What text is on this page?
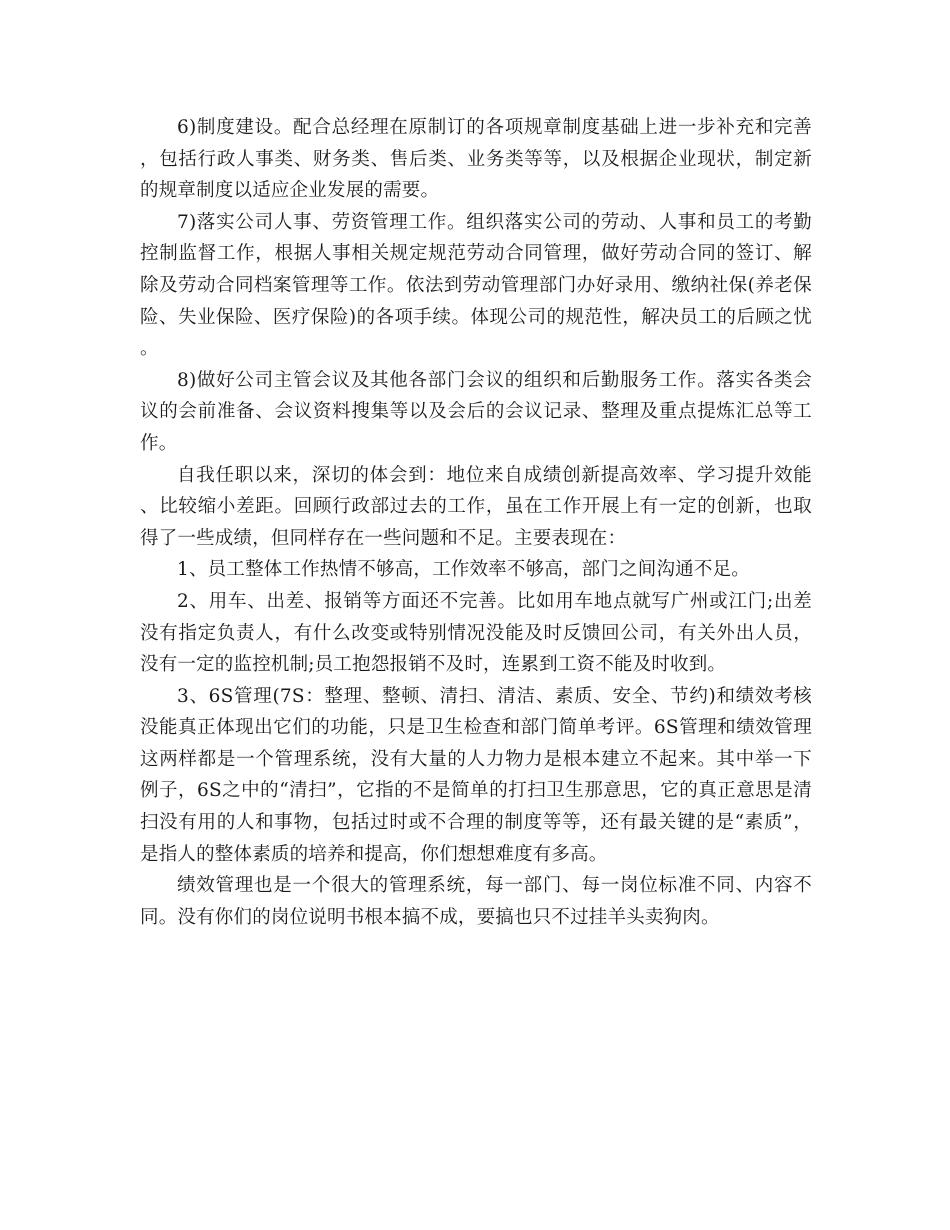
6)制度建设。配合总经理在原制订的各项规章制度基础上进一步补充和完善，包括行政人事类、财务类、售后类、业务类等等，以及根据企业现状，制定新的规章制度以适应企业发展的需要。

7)落实公司人事、劳资管理工作。组织落实公司的劳动、人事和员工的考勤控制监督工作，根据人事相关规定规范劳动合同管理，做好劳动合同的签订、解除及劳动合同档案管理等工作。依法到劳动管理部门办好录用、缴纳社保(养老保险、失业保险、医疗保险)的各项手续。体现公司的规范性，解决员工的后顾之忧。

8)做好公司主管会议及其他各部门会议的组织和后勤服务工作。落实各类会议的会前准备、会议资料搜集等以及会后的会议记录、整理及重点提炼汇总等工作。

自我任职以来，深切的体会到：地位来自成绩创新提高效率、学习提升效能、比较缩小差距。回顾行政部过去的工作，虽在工作开展上有一定的创新，也取得了一些成绩，但同样存在一些问题和不足。主要表现在：

1、员工整体工作热情不够高，工作效率不够高，部门之间沟通不足。

2、用车、出差、报销等方面还不完善。比如用车地点就写广州或江门;出差没有指定负责人，有什么改变或特别情况没能及时反馈回公司，有关外出人员，没有一定的监控机制;员工抱怨报销不及时，连累到工资不能及时收到。

3、6S管理(7S：整理、整顿、清扫、清洁、素质、安全、节约)和绩效考核没能真正体现出它们的功能，只是卫生检查和部门简单考评。6S管理和绩效管理这两样都是一个管理系统，没有大量的人力物力是根本建立不起来。其中举一下例子，6S之中的“清扫”，它指的不是简单的打扫卫生那意思，它的真正意思是清扫没有用的人和事物，包括过时或不合理的制度等等，还有最关键的是“素质”，是指人的整体素质的培养和提高，你们想想难度有多高。

绩效管理也是一个很大的管理系统，每一部门、每一岗位标准不同、内容不同。没有你们的岗位说明书根本搞不成，要搞也只不过挂羊头卖狗肉。
